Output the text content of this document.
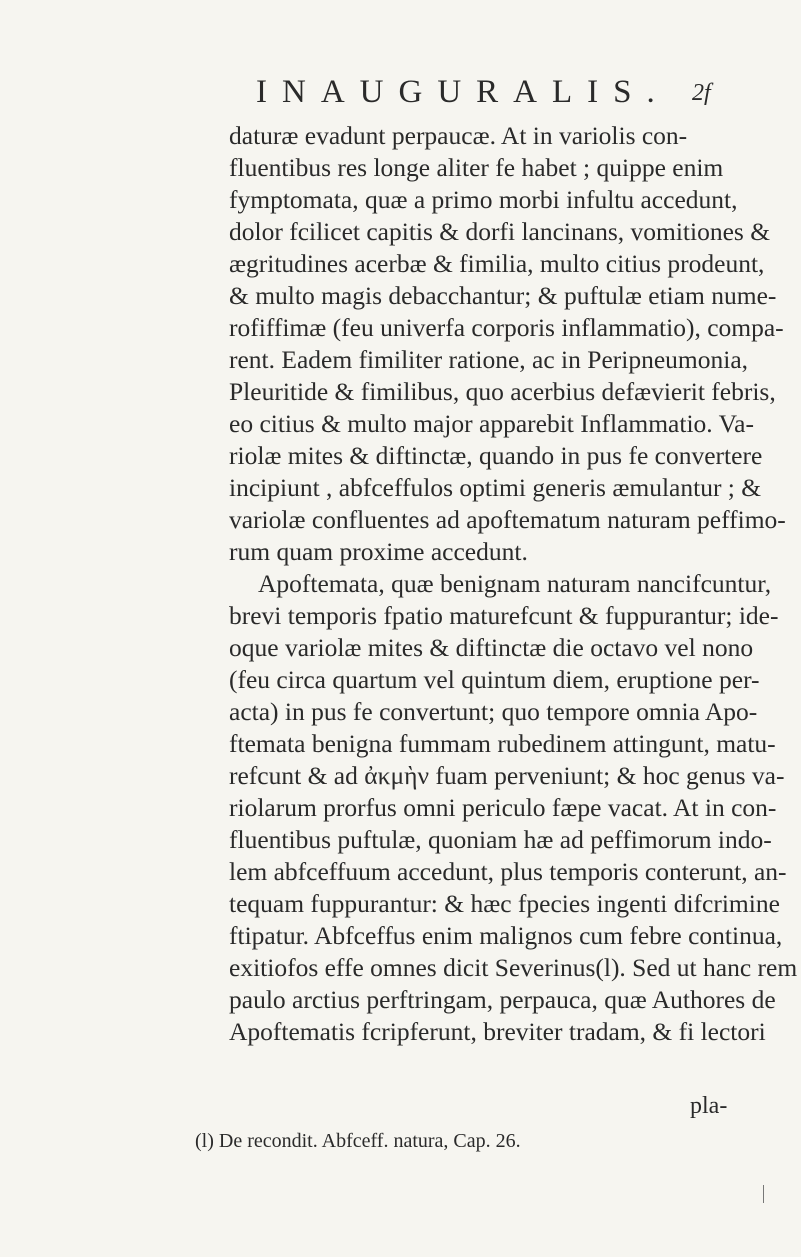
INAUGURALIS. 2f
daturæ evadunt perpaucæ. At in variolis con-
fluentibus res longe aliter fe habet ; quippe enim
fymptomata, quæ a primo morbi infultu accedunt,
dolor fcilicet capitis & dorfi lancinans, vomitiones &
ægritudines acerbæ & fimilia, multo citius prodeunt,
& multo magis debacchantur; & puftulæ etiam nume-
rofiffimæ (feu univerfa corporis inflammatio), compa-
rent. Eadem fimiliter ratione, ac in Peripneumonia,
Pleuritide & fimilibus, quo acerbius defævierit febris,
eo citius & multo major apparebit Inflammatio. Va-
riolæ mites & diftinctæ, quando in pus fe convertere
incipiunt , abfceffulos optimi generis æmulantur ; &
variolæ confluentes ad apoftematum naturam peffimo-
rum quam proxime accedunt.
Apoftemata, quæ benignam naturam nancifcuntur,
brevi temporis fpatio maturefcunt & fuppurantur; ide-
oque variolæ mites & diftinctæ die octavo vel nono
(feu circa quartum vel quintum diem, eruptione per-
acta) in pus fe convertunt; quo tempore omnia Apo-
ftemata benigna fummam rubedinem attingunt, matu-
refcunt & ad ἀκμὴν fuam perveniunt; & hoc genus va-
riolarum prorfus omni periculo fæpe vacat. At in con-
fluentibus puftulæ, quoniam hæ ad peffimorum indo-
lem abfceffuum accedunt, plus temporis conterunt, an-
tequam fuppurantur: & hæc fpecies ingenti difcrimine
ftipatur. Abfceffus enim malignos cum febre continua,
exitiofos effe omnes dicit Severinus(l). Sed ut hanc rem
paulo arctius perftringam, perpauca, quæ Authores de
Apoftematis fcripferunt, breviter tradam, & fi lectori
pla-
(l) De recondit. Abfceff. natura, Cap. 26.
